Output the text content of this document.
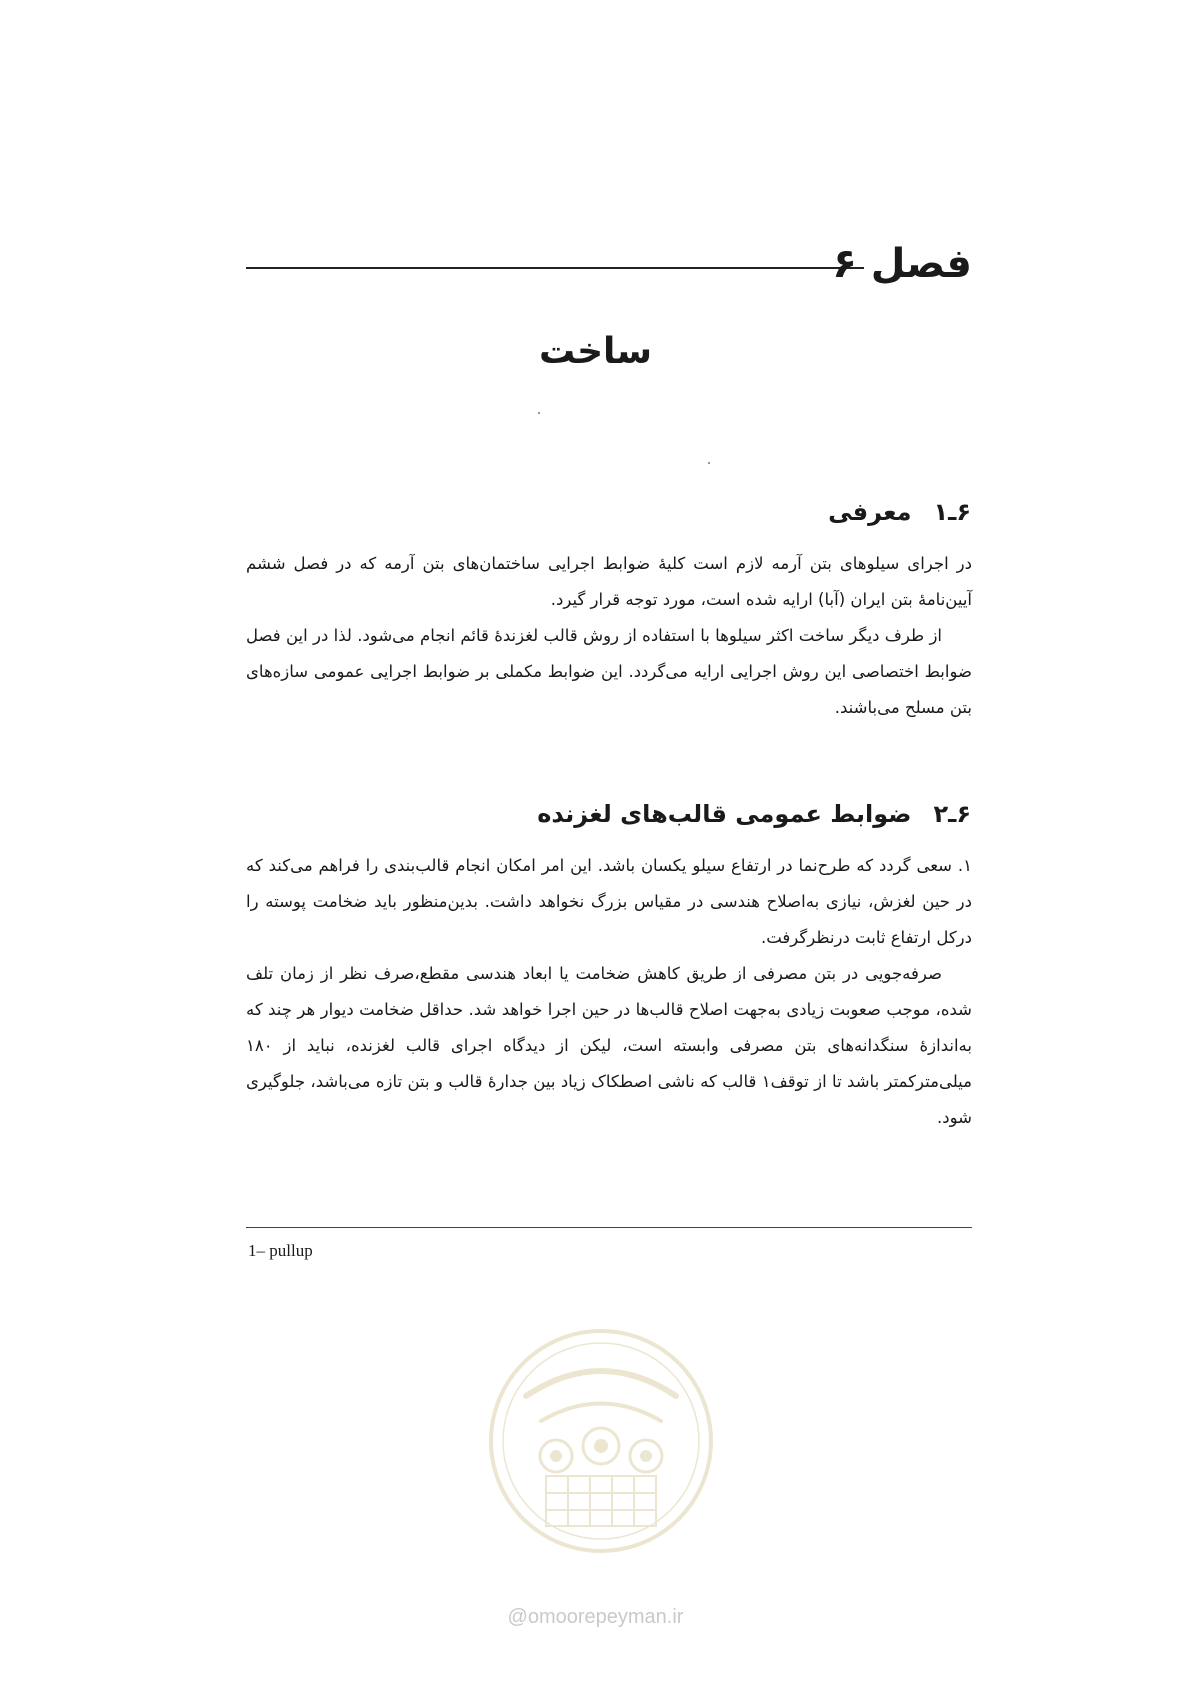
فصل ۶
ساخت
۶ـ۱معرفی

در اجرای سیلوهای بتن آرمه لازم است کلیهٔ ضوابط اجرایی ساختمان‌های بتن آرمه که در فصل ششم آیین‌نامهٔ بتن ایران (آبا) ارایه شده است، مورد توجه قرار گیرد.

از طرف دیگر ساخت اکثر سیلوها با استفاده از روش قالب لغزندهٔ قائم انجام می‌شود. لذا در این فصل ضوابط اختصاصی این روش اجرایی ارایه می‌گردد. این ضوابط مکملی بر ضوابط اجرایی عمومی سازه‌های بتن مسلح می‌باشند.

۶ـ۲ضوابط عمومی قالب‌های لغزنده

۱. سعی گردد که طرح‌نما در ارتفاع سیلو یکسان باشد. این امر امکان انجام قالب‌بندی را فراهم می‌کند که در حین لغزش، نیازی به‌اصلاح هندسی در مقیاس بزرگ نخواهد داشت. بدین‌منظور باید ضخامت پوسته را درکل ارتفاع ثابت درنظرگرفت.

صرفه‌جویی در بتن مصرفی از طریق کاهش ضخامت یا ابعاد هندسی مقطع،صرف نظر از زمان تلف شده، موجب صعوبت زیادی به‌جهت اصلاح قالب‌ها در حین اجرا خواهد شد. حداقل ضخامت دیوار هر چند که به‌اندازهٔ سنگدانه‌های بتن مصرفی وابسته است، لیکن از دیدگاه اجرای قالب لغزنده، نباید از ۱۸۰ میلی‌مترکمتر باشد تا از توقف۱ قالب که ناشی اصطکاک زیاد بین جدارهٔ قالب و بتن تازه می‌باشد، جلوگیری شود.

1– pullup
@omoorepeyman.ir
